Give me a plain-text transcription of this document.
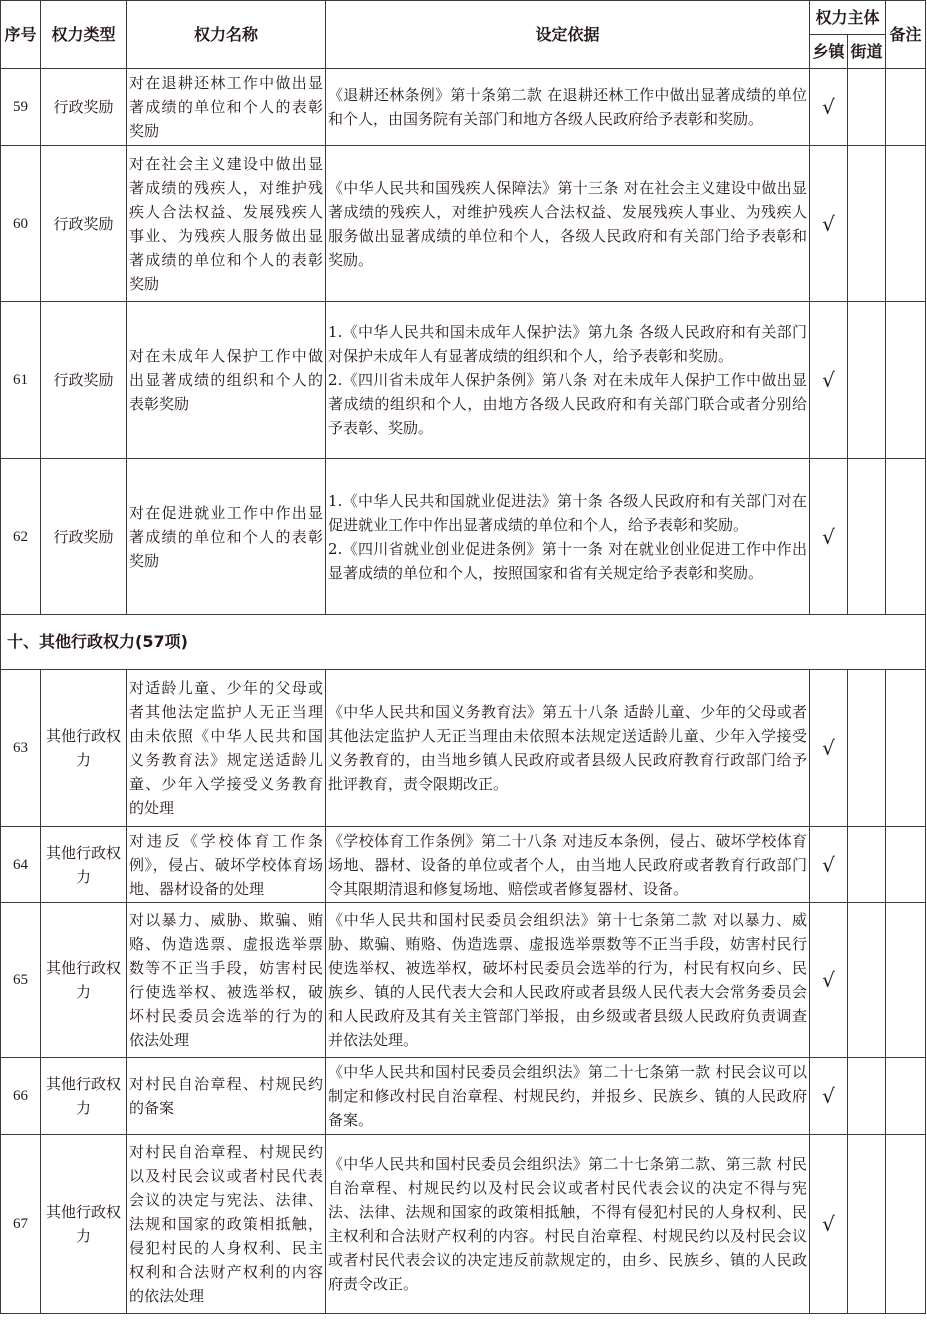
序号	权力类型	权力名称	设定依据	权力主体		备注
				乡镇	街道	
59	行政奖励	对在退耕还林工作中做出显著成绩的单位和个人的表彰奖励	《退耕还林条例》第十条第二款 在退耕还林工作中做出显著成绩的单位和个人，由国务院有关部门和地方各级人民政府给予表彰和奖励。	√		
60	行政奖励	对在社会主义建设中做出显著成绩的残疾人，对维护残疾人合法权益、发展残疾人事业、为残疾人服务做出显著成绩的单位和个人的表彰奖励	《中华人民共和国残疾人保障法》第十三条 对在社会主义建设中做出显著成绩的残疾人，对维护残疾人合法权益、发展残疾人事业、为残疾人服务做出显著成绩的单位和个人，各级人民政府和有关部门给予表彰和奖励。	√		
61	行政奖励	对在未成年人保护工作中做出显著成绩的组织和个人的表彰奖励	1.《中华人民共和国未成年人保护法》第九条 各级人民政府和有关部门对保护未成年人有显著成绩的组织和个人，给予表彰和奖励。
2.《四川省未成年人保护条例》第八条 对在未成年人保护工作中做出显著成绩的组织和个人，由地方各级人民政府和有关部门联合或者分别给予表彰、奖励。	√		
62	行政奖励	对在促进就业工作中作出显著成绩的单位和个人的表彰奖励	1.《中华人民共和国就业促进法》第十条 各级人民政府和有关部门对在促进就业工作中作出显著成绩的单位和个人，给予表彰和奖励。
2.《四川省就业创业促进条例》第十一条 对在就业创业促进工作中作出显著成绩的单位和个人，按照国家和省有关规定给予表彰和奖励。	√		
十、其他行政权力(57项)						
63	其他行政权力	对适龄儿童、少年的父母或者其他法定监护人无正当理由未依照《中华人民共和国义务教育法》规定送适龄儿童、少年入学接受义务教育的处理	《中华人民共和国义务教育法》第五十八条 适龄儿童、少年的父母或者其他法定监护人无正当理由未依照本法规定送适龄儿童、少年入学接受义务教育的，由当地乡镇人民政府或者县级人民政府教育行政部门给予批评教育，责令限期改正。	√		
64	其他行政权力	对违反《学校体育工作条例》，侵占、破坏学校体育场地、器材设备的处理	《学校体育工作条例》第二十八条 对违反本条例，侵占、破坏学校体育场地、器材、设备的单位或者个人，由当地人民政府或者教育行政部门令其限期清退和修复场地、赔偿或者修复器材、设备。	√		
65	其他行政权力	对以暴力、威胁、欺骗、贿赂、伪造选票、虚报选举票数等不正当手段，妨害村民行使选举权、被选举权，破坏村民委员会选举的行为的依法处理	《中华人民共和国村民委员会组织法》第十七条第二款 对以暴力、威胁、欺骗、贿赂、伪造选票、虚报选举票数等不正当手段，妨害村民行使选举权、被选举权，破坏村民委员会选举的行为，村民有权向乡、民族乡、镇的人民代表大会和人民政府或者县级人民代表大会常务委员会和人民政府及其有关主管部门举报，由乡级或者县级人民政府负责调查并依法处理。	√		
66	其他行政权力	对村民自治章程、村规民约的备案	《中华人民共和国村民委员会组织法》第二十七条第一款 村民会议可以制定和修改村民自治章程、村规民约，并报乡、民族乡、镇的人民政府备案。	√		
67	其他行政权力	对村民自治章程、村规民约以及村民会议或者村民代表会议的决定与宪法、法律、法规和国家的政策相抵触，侵犯村民的人身权利、民主权利和合法财产权利的内容的依法处理	《中华人民共和国村民委员会组织法》第二十七条第二款、第三款 村民自治章程、村规民约以及村民会议或者村民代表会议的决定不得与宪法、法律、法规和国家的政策相抵触，不得有侵犯村民的人身权利、民主权利和合法财产权利的内容。村民自治章程、村规民约以及村民会议或者村民代表会议的决定违反前款规定的，由乡、民族乡、镇的人民政府责令改正。	√		
